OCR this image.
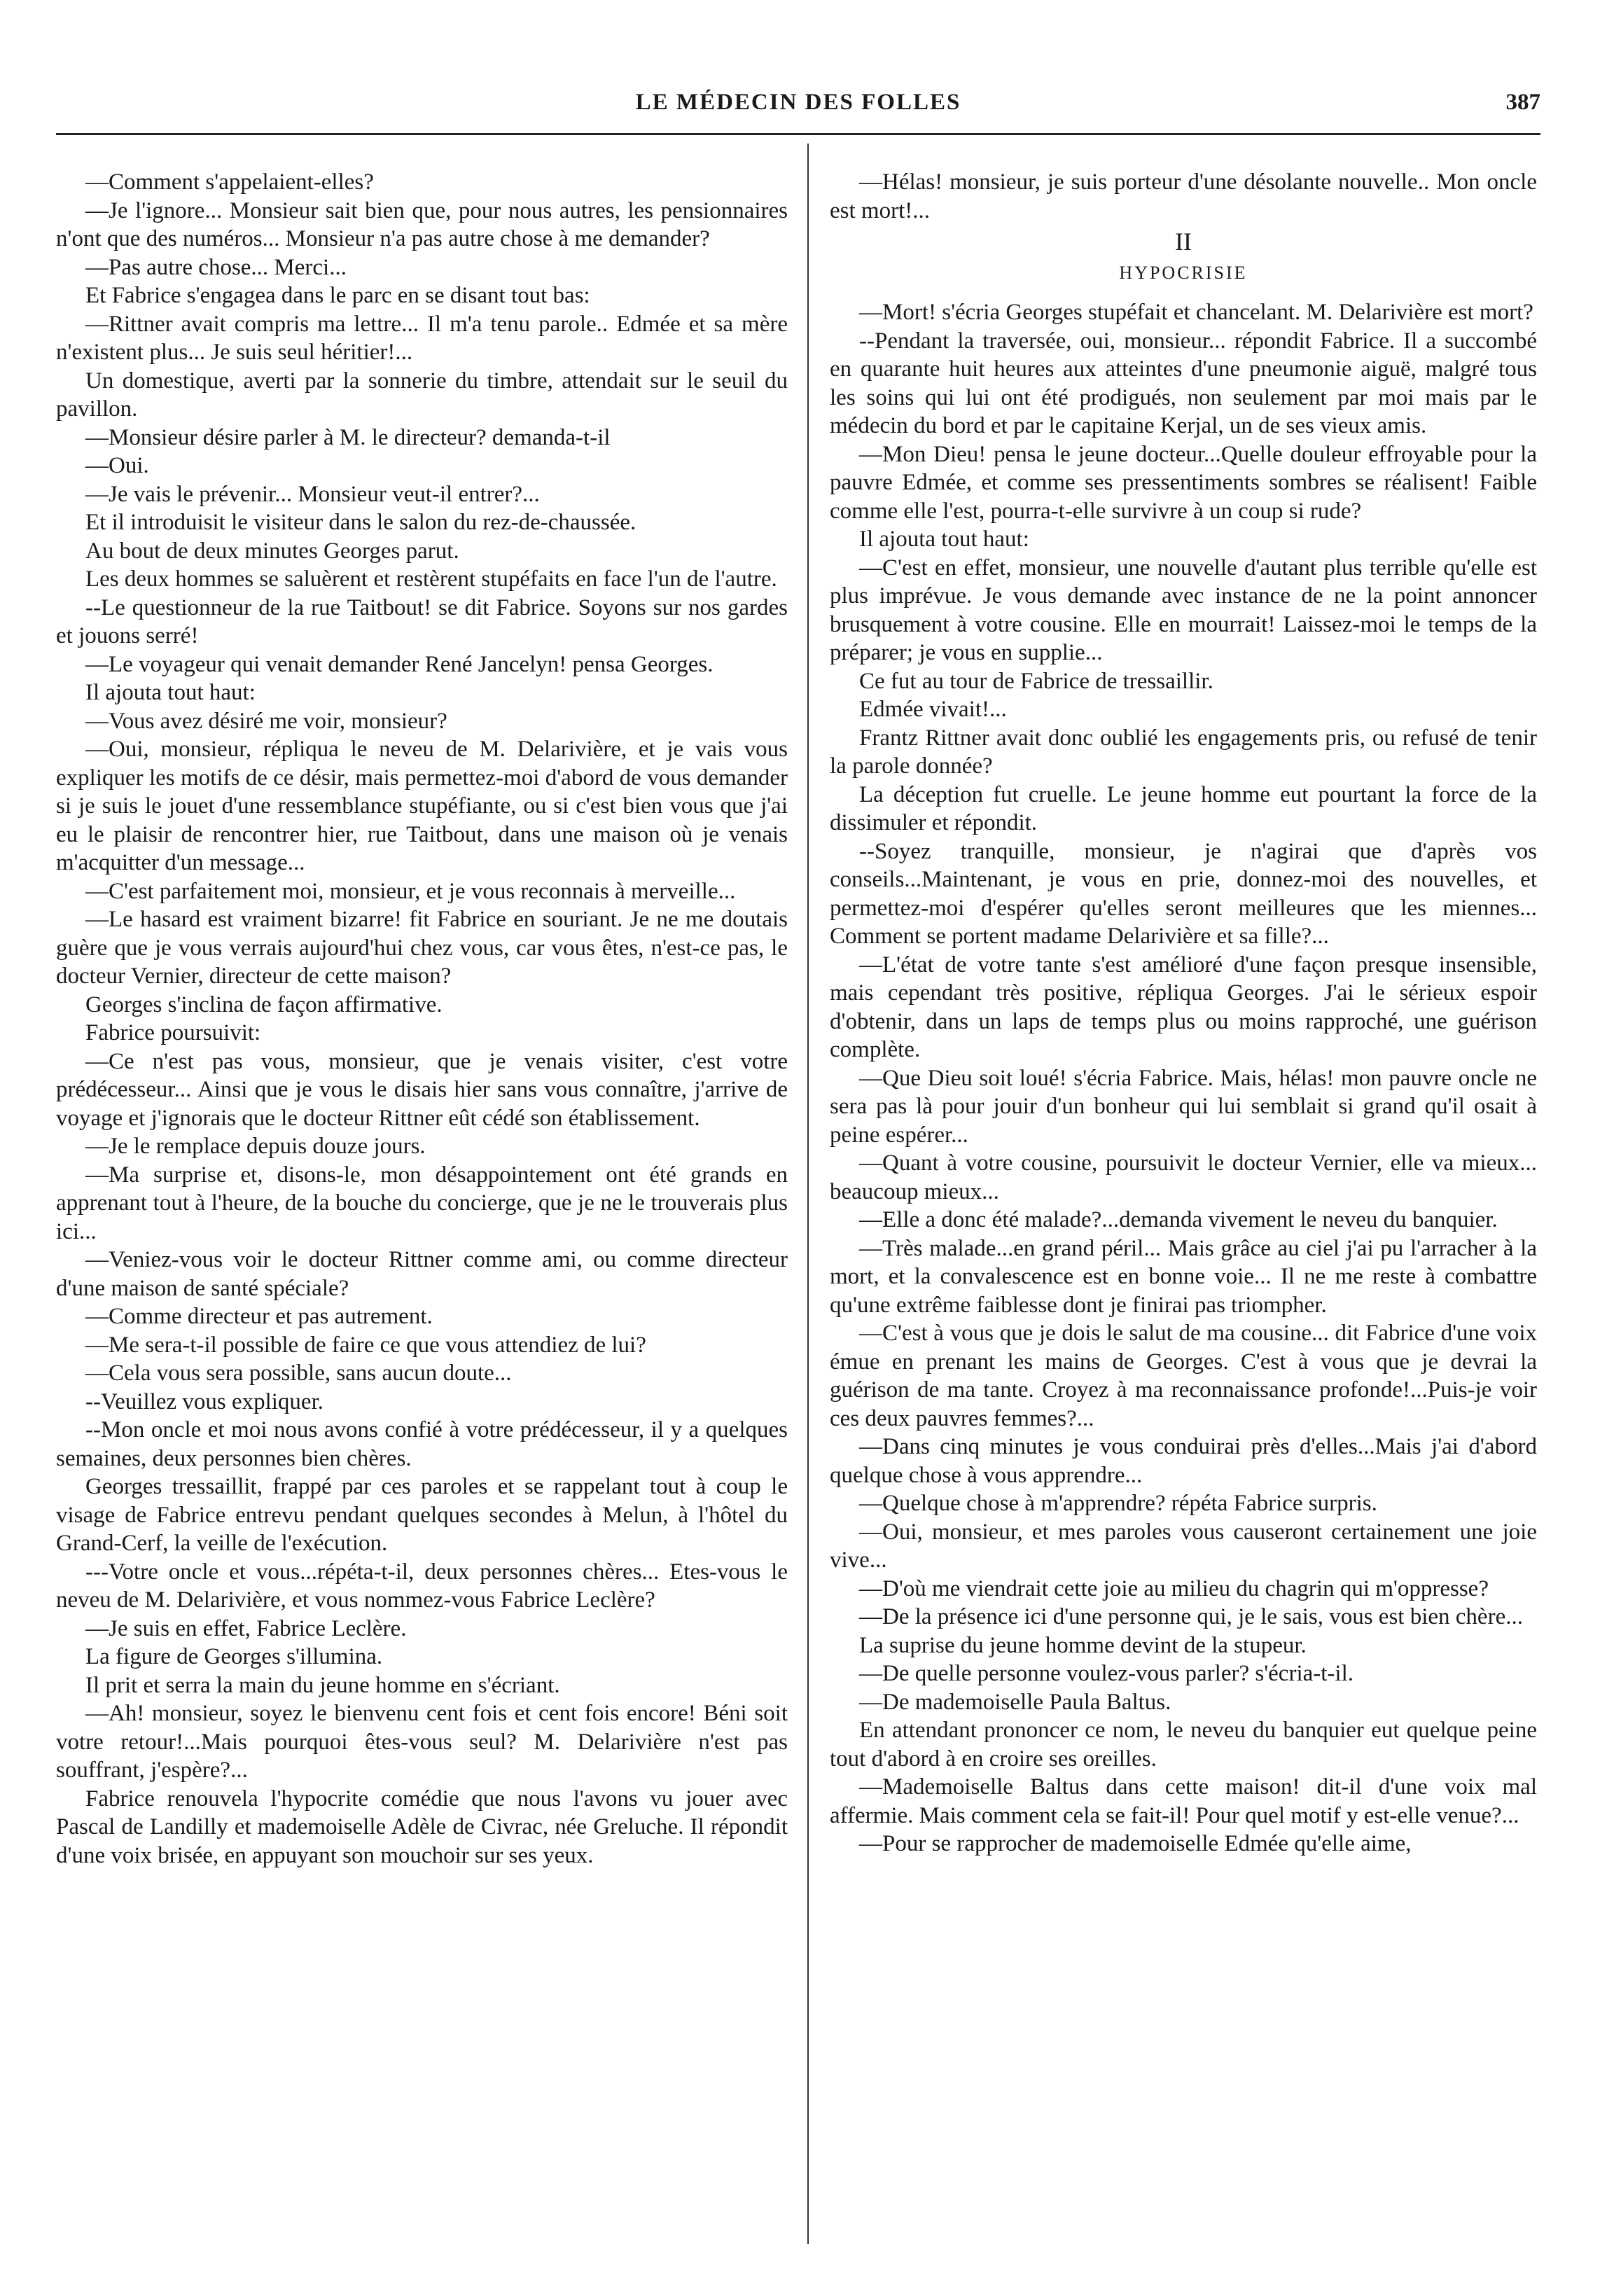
LE MÉDECIN DES FOLLES	387

—Comment s'appelaient-elles?

—Je l'ignore... Monsieur sait bien que, pour nous autres, les pensionnaires n'ont que des numéros... Monsieur n'a pas autre chose à me demander?

—Pas autre chose... Merci...

Et Fabrice s'engagea dans le parc en se disant tout bas:

—Rittner avait compris ma lettre... Il m'a tenu parole.. Edmée et sa mère n'existent plus... Je suis seul héritier!...

Un domestique, averti par la sonnerie du timbre, attendait sur le seuil du pavillon.

—Monsieur désire parler à M. le directeur? demanda-t-il

—Oui.

—Je vais le prévenir... Monsieur veut-il entrer?...

Et il introduisit le visiteur dans le salon du rez-de-chaussée.

Au bout de deux minutes Georges parut.

Les deux hommes se saluèrent et restèrent stupéfaits en face l'un de l'autre.

--Le questionneur de la rue Taitbout! se dit Fabrice. Soyons sur nos gardes et jouons serré!

—Le voyageur qui venait demander René Jancelyn! pensa Georges.

Il ajouta tout haut:

—Vous avez désiré me voir, monsieur?

—Oui, monsieur, répliqua le neveu de M. Delarivière, et je vais vous expliquer les motifs de ce désir, mais permettez-moi d'abord de vous demander si je suis le jouet d'une ressemblance stupéfiante, ou si c'est bien vous que j'ai eu le plaisir de rencontrer hier, rue Taitbout, dans une maison où je venais m'acquitter d'un message...

—C'est parfaitement moi, monsieur, et je vous reconnais à merveille...

—Le hasard est vraiment bizarre! fit Fabrice en souriant. Je ne me doutais guère que je vous verrais aujourd'hui chez vous, car vous êtes, n'est-ce pas, le docteur Vernier, directeur de cette maison?

Georges s'inclina de façon affirmative.

Fabrice poursuivit:

—Ce n'est pas vous, monsieur, que je venais visiter, c'est votre prédécesseur... Ainsi que je vous le disais hier sans vous connaître, j'arrive de voyage et j'ignorais que le docteur Rittner eût cédé son établissement.

—Je le remplace depuis douze jours.

—Ma surprise et, disons-le, mon désappointement ont été grands en apprenant tout à l'heure, de la bouche du concierge, que je ne le trouverais plus ici...

—Veniez-vous voir le docteur Rittner comme ami, ou comme directeur d'une maison de santé spéciale?

—Comme directeur et pas autrement.

—Me sera-t-il possible de faire ce que vous attendiez de lui?

—Cela vous sera possible, sans aucun doute...

--Veuillez vous expliquer.

--Mon oncle et moi nous avons confié à votre prédécesseur, il y a quelques semaines, deux personnes bien chères.

Georges tressaillit, frappé par ces paroles et se rappelant tout à coup le visage de Fabrice entrevu pendant quelques secondes à Melun, à l'hôtel du Grand-Cerf, la veille de l'exécution.

---Votre oncle et vous...répéta-t-il, deux personnes chères... Etes-vous le neveu de M. Delarivière, et vous nommez-vous Fabrice Leclère?

—Je suis en effet, Fabrice Leclère.

La figure de Georges s'illumina.

Il prit et serra la main du jeune homme en s'écriant.

—Ah! monsieur, soyez le bienvenu cent fois et cent fois encore! Béni soit votre retour!...Mais pourquoi êtes-vous seul? M. Delarivière n'est pas souffrant, j'espère?...

Fabrice renouvela l'hypocrite comédie que nous l'avons vu jouer avec Pascal de Landilly et mademoiselle Adèle de Civrac, née Greluche. Il répondit d'une voix brisée, en appuyant son mouchoir sur ses yeux.

—Hélas! monsieur, je suis porteur d'une désolante nouvelle.. Mon oncle est mort!...

II

HYPOCRISIE

—Mort! s'écria Georges stupéfait et chancelant. M. Delarivière est mort?

--Pendant la traversée, oui, monsieur... répondit Fabrice. Il a succombé en quarante huit heures aux atteintes d'une pneumonie aiguë, malgré tous les soins qui lui ont été prodigués, non seulement par moi mais par le médecin du bord et par le capitaine Kerjal, un de ses vieux amis.

—Mon Dieu! pensa le jeune docteur...Quelle douleur effroyable pour la pauvre Edmée, et comme ses pressentiments sombres se réalisent! Faible comme elle l'est, pourra-t-elle survivre à un coup si rude?

Il ajouta tout haut:

—C'est en effet, monsieur, une nouvelle d'autant plus terrible qu'elle est plus imprévue. Je vous demande avec instance de ne la point annoncer brusquement à votre cousine. Elle en mourrait! Laissez-moi le temps de la préparer; je vous en supplie...

Ce fut au tour de Fabrice de tressaillir.

Edmée vivait!...

Frantz Rittner avait donc oublié les engagements pris, ou refusé de tenir la parole donnée?

La déception fut cruelle. Le jeune homme eut pourtant la force de la dissimuler et répondit.

--Soyez tranquille, monsieur, je n'agirai que d'après vos conseils...Maintenant, je vous en prie, donnez-moi des nouvelles, et permettez-moi d'espérer qu'elles seront meilleures que les miennes... Comment se portent madame Delarivière et sa fille?...

—L'état de votre tante s'est amélioré d'une façon presque insensible, mais cependant très positive, répliqua Georges. J'ai le sérieux espoir d'obtenir, dans un laps de temps plus ou moins rapproché, une guérison complète.

—Que Dieu soit loué! s'écria Fabrice. Mais, hélas! mon pauvre oncle ne sera pas là pour jouir d'un bonheur qui lui semblait si grand qu'il osait à peine espérer...

—Quant à votre cousine, poursuivit le docteur Vernier, elle va mieux... beaucoup mieux...

—Elle a donc été malade?...demanda vivement le neveu du banquier.

—Très malade...en grand péril... Mais grâce au ciel j'ai pu l'arracher à la mort, et la convalescence est en bonne voie... Il ne me reste à combattre qu'une extrême faiblesse dont je finirai pas triompher.

—C'est à vous que je dois le salut de ma cousine... dit Fabrice d'une voix émue en prenant les mains de Georges. C'est à vous que je devrai la guérison de ma tante. Croyez à ma reconnaissance profonde!...Puis-je voir ces deux pauvres femmes?...

—Dans cinq minutes je vous conduirai près d'elles...Mais j'ai d'abord quelque chose à vous apprendre...

—Quelque chose à m'apprendre? répéta Fabrice surpris.

—Oui, monsieur, et mes paroles vous causeront certainement une joie vive...

—D'où me viendrait cette joie au milieu du chagrin qui m'oppresse?

—De la présence ici d'une personne qui, je le sais, vous est bien chère...

La suprise du jeune homme devint de la stupeur.

—De quelle personne voulez-vous parler? s'écria-t-il.

—De mademoiselle Paula Baltus.

En attendant prononcer ce nom, le neveu du banquier eut quelque peine tout d'abord à en croire ses oreilles.

—Mademoiselle Baltus dans cette maison! dit-il d'une voix mal affermie. Mais comment cela se fait-il! Pour quel motif y est-elle venue?...

—Pour se rapprocher de mademoiselle Edmée qu'elle aime,
